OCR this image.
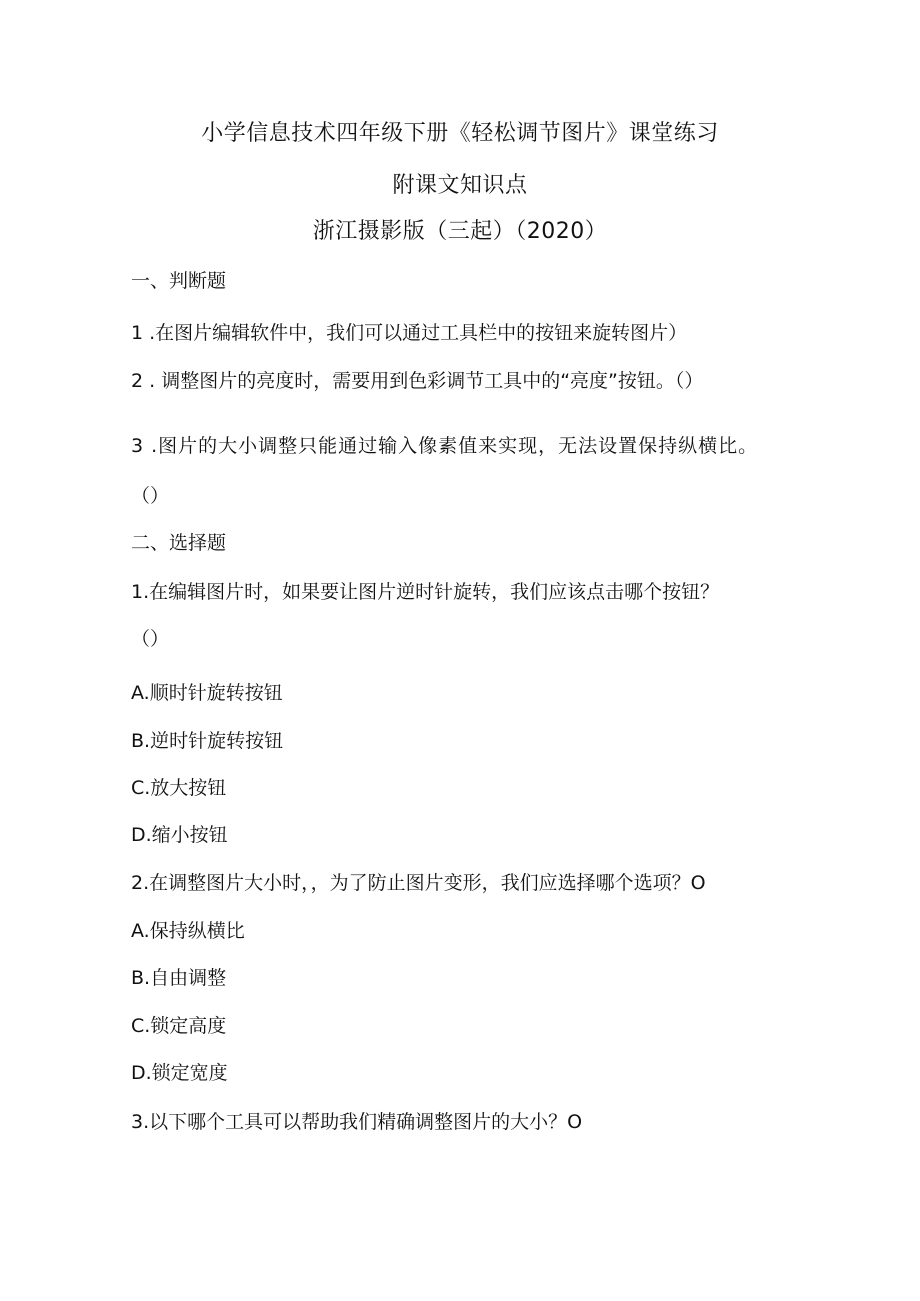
小学信息技术四年级下册《轻松调节图片》课堂练习
附课文知识点
浙江摄影版（三起）（2020）
一、判断题
1 .在图片编辑软件中，我们可以通过工具栏中的按钮来旋转图片）
2 . 调整图片的亮度时，需要用到色彩调节工具中的“亮度”按钮。（）
3 .图片的大小调整只能通过输入像素值来实现，无法设置保持纵横比。
（）
二、选择题
1.在编辑图片时，如果要让图片逆时针旋转，我们应该点击哪个按钮？
（）
A.顺时针旋转按钮
B.逆时针旋转按钮
C.放大按钮
D.缩小按钮
2.在调整图片大小时，，为了防止图片变形，我们应选择哪个选项？O
A.保持纵横比
B.自由调整
C.锁定高度
D.锁定宽度
3.以下哪个工具可以帮助我们精确调整图片的大小？O
